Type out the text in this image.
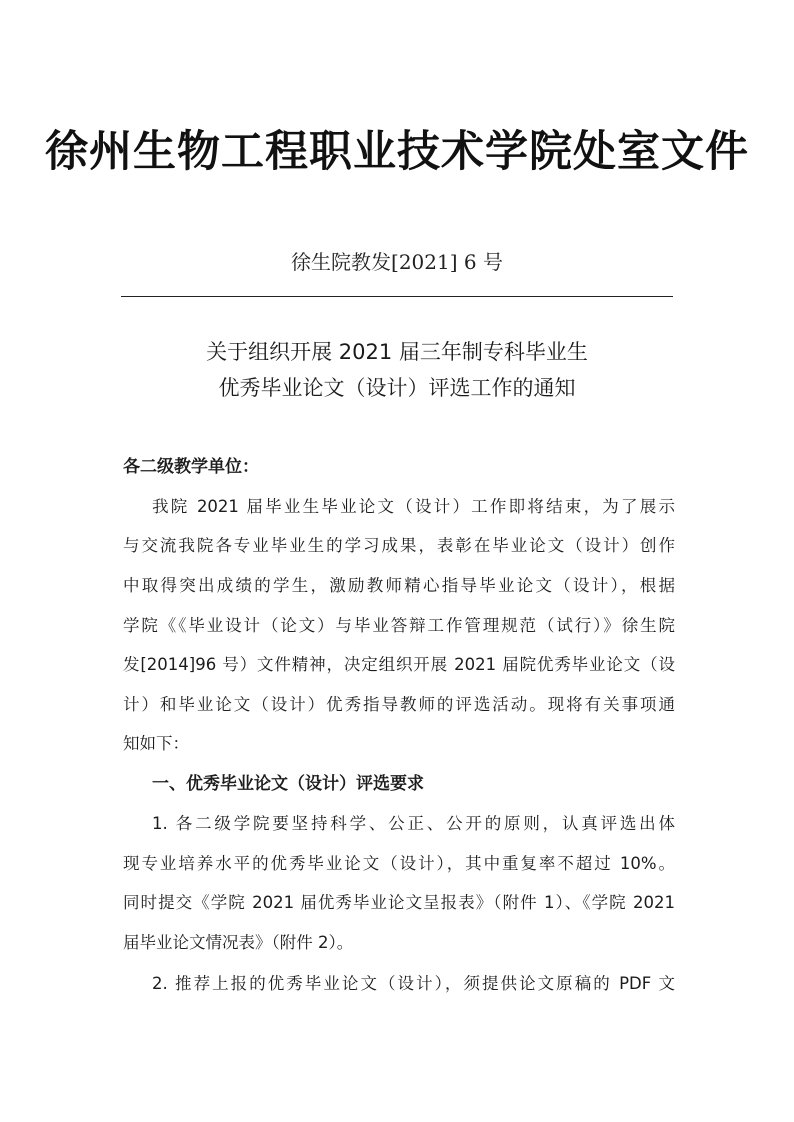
徐州生物工程职业技术学院处室文件
徐生院教发[2021] 6 号
关于组织开展 2021 届三年制专科毕业生
优秀毕业论文（设计）评选工作的通知
各二级教学单位：
我院 2021 届毕业生毕业论文（设计）工作即将结束，为了展示
与交流我院各专业毕业生的学习成果，表彰在毕业论文（设计）创作
中取得突出成绩的学生，激励教师精心指导毕业论文（设计），根据
学院《《毕业设计（论文）与毕业答辩工作管理规范（试行）》徐生院
发[2014]96 号）文件精神，决定组织开展 2021 届院优秀毕业论文（设
计）和毕业论文（设计）优秀指导教师的评选活动。现将有关事项通
知如下：
一、优秀毕业论文（设计）评选要求
1. 各二级学院要坚持科学、公正、公开的原则，认真评选出体
现专业培养水平的优秀毕业论文（设计），其中重复率不超过 10%。
同时提交《学院 2021 届优秀毕业论文呈报表》（附件 1）、《学院 2021
届毕业论文情况表》（附件 2）。
2. 推荐上报的优秀毕业论文（设计），须提供论文原稿的 PDF 文
